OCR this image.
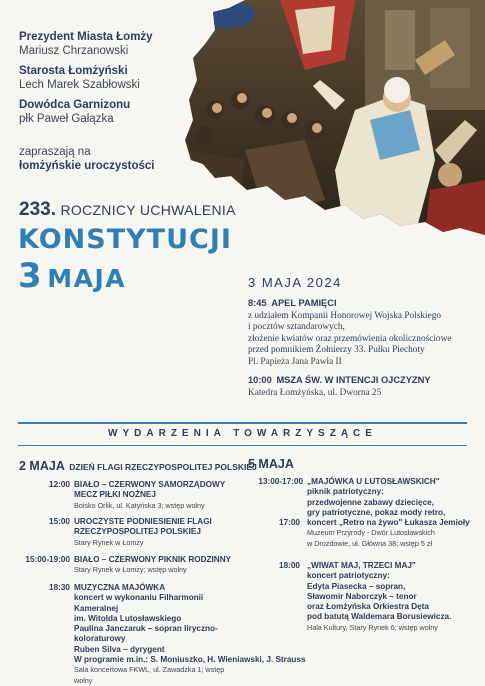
Prezydent Miasta Łomży
Mariusz Chrzanowski
Starosta Łomżyński
Lech Marek Szabłowski
Dowódca Garnizonu
płk Paweł Gałązka
zapraszają na
łomżyńskie uroczystości
233. ROCZNICY UCHWALENIA
KONSTYTUCJI
3 MAJA	3 MAJA 2024
8:45 APEL PAMIĘCI
z udziałem Kompanii Honorowej Wojska Polskiego
i pocztów sztandarowych,
złożenie kwiatów oraz przemówienia okolicznościowe
przed pomnikiem Żołnierzy 33. Pułku Piechoty
Pl. Papieża Jana Pawła II
10:00 MSZA ŚW. W INTENCJI OJCZYZNY
Katedra Łomżyńska, ul. Dworna 25
WYDARZENIA TOWARZYSZĄCE
2 MAJA DZIEŃ FLAGI RZECZYPOSPOLITEJ POLSKIEJ
12:00 BIAŁO – CZERWONY SAMORZĄDOWY
MECZ PIŁKI NOŻNEJ
Boisko Orlik, ul. Katyńska 3; wstęp wolny
15:00 UROCZYSTE PODNIESIENIE FLAGI
RZECZYPOSPOLITEJ POLSKIEJ
Stary Rynek w Łomży
15:00-19:00 BIAŁO – CZERWONY PIKNIK RODZINNY
Stary Rynek w Łomży; wstęp wolny
18:30 MUZYCZNA MAJÓWKA
koncert w wykonaniu Filharmonii Kameralnej
im. Witolda Lutosławskiego
Paulina Janczaruk – sopran liryczno-koloraturowy
Ruben Silva – dyrygent
W programie m.in.: S. Moniuszko, H. Wieniawski, J. Strauss
Sala koncertowa FKWL, ul. Zawadzka 1; wstęp wolny
5 MAJA
13:00-17:00 „MAJÓWKA U LUTOSŁAWSKICH"
piknik patriotyczny:
przedwojenne zabawy dziecięce,
gry patriotyczne, pokaz mody retro,
17:00 koncert „Retro na żywo" Łukasza Jemioły
Muzeum Przyrody - Dwór Lutosławskich
w Drozdowie, ul. Główna 38; wstęp 5 zł
18:00 „WIWAT MAJ, TRZECI MAJ"
koncert patriotyczny:
Edyta Piasecka – sopran,
Sławomir Naborczyk – tenor
oraz Łomżyńska Orkiestra Dęta
pod batutą Waldemara Borusiewicza.
Hala Kultury, Stary Rynek 6; wstęp wolny
